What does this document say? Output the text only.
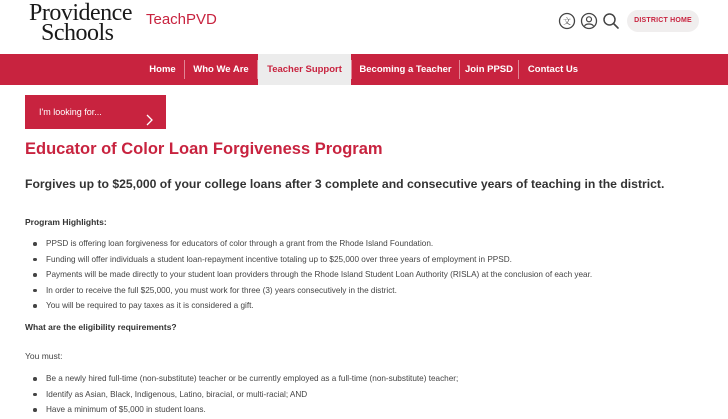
Providence
Schools
TeachPVD	文	DISTRICT HOME
Home	Who We Are	Teacher Support	Becoming a Teacher	Join PPSD	Contact Us
I'm looking for...
Educator of Color Loan Forgiveness Program
Forgives up to $25,000 of your college loans after 3 complete and consecutive years of teaching in the district.
Program Highlights:
PPSD is offering loan forgiveness for educators of color through a grant from the Rhode Island Foundation.
Funding will offer individuals a student loan-repayment incentive totaling up to $25,000 over three years of employment in PPSD.
Payments will be made directly to your student loan providers through the Rhode Island Student Loan Authority (RISLA) at the conclusion of each year.
In order to receive the full $25,000, you must work for three (3) years consecutively in the district.
You will be required to pay taxes as it is considered a gift.
What are the eligibility requirements?
You must:
Be a newly hired full-time (non-substitute) teacher or be currently employed as a full-time (non-substitute) teacher;
Identify as Asian, Black, Indigenous, Latino, biracial, or multi-racial; AND
Have a minimum of $5,000 in student loans.
